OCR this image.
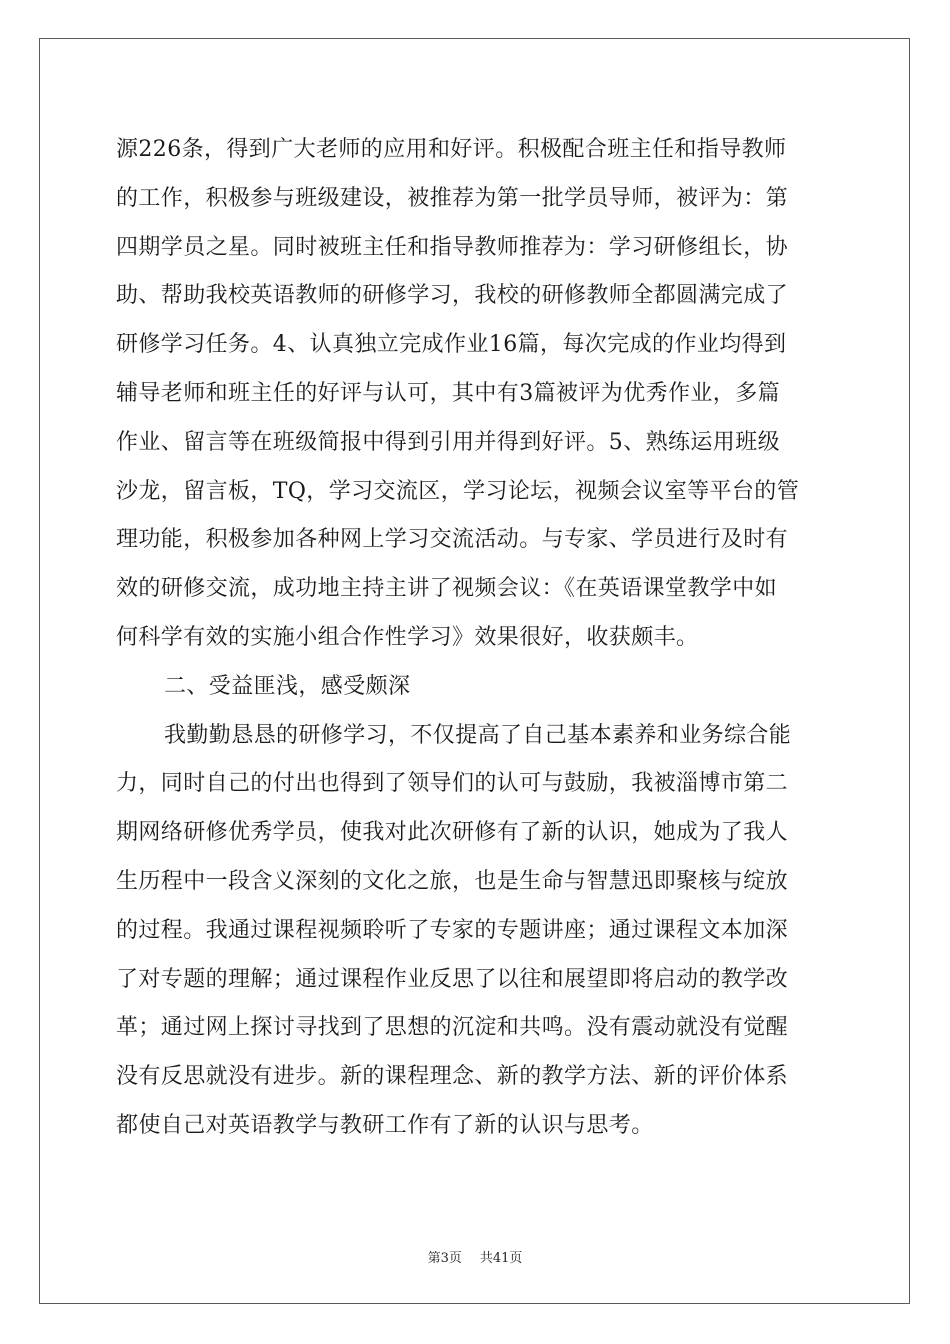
源226条，得到广大老师的应用和好评。积极配合班主任和指导教师
的工作，积极参与班级建设，被推荐为第一批学员导师，被评为：第
四期学员之星。同时被班主任和指导教师推荐为：学习研修组长，协
助、帮助我校英语教师的研修学习，我校的研修教师全都圆满完成了
研修学习任务。4、认真独立完成作业16篇，每次完成的作业均得到
辅导老师和班主任的好评与认可，其中有3篇被评为优秀作业，多篇
作业、留言等在班级简报中得到引用并得到好评。5、熟练运用班级
沙龙，留言板，TQ，学习交流区，学习论坛，视频会议室等平台的管
理功能，积极参加各种网上学习交流活动。与专家、学员进行及时有
效的研修交流，成功地主持主讲了视频会议：《在英语课堂教学中如
何科学有效的实施小组合作性学习》效果很好，收获颇丰。
二、受益匪浅，感受颇深
我勤勤恳恳的研修学习，不仅提高了自己基本素养和业务综合能
力，同时自己的付出也得到了领导们的认可与鼓励，我被淄博市第二
期网络研修优秀学员，使我对此次研修有了新的认识，她成为了我人
生历程中一段含义深刻的文化之旅，也是生命与智慧迅即聚核与绽放
的过程。我通过课程视频聆听了专家的专题讲座；通过课程文本加深
了对专题的理解；通过课程作业反思了以往和展望即将启动的教学改
革；通过网上探讨寻找到了思想的沉淀和共鸣。没有震动就没有觉醒
没有反思就没有进步。新的课程理念、新的教学方法、新的评价体系
都使自己对英语教学与教研工作有了新的认识与思考。
第3页 共41页
